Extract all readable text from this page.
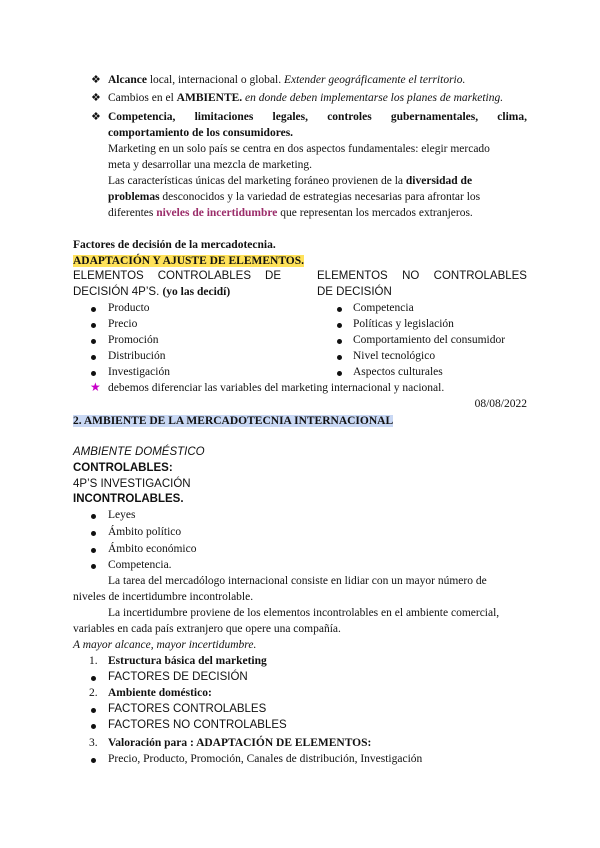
❖ Alcance local, internacional o global. Extender geográficamente el territorio.
❖ Cambios en el AMBIENTE. en donde deben implementarse los planes de marketing.
❖ Competencia, limitaciones legales, controles gubernamentales, clima,
comportamiento de los consumidores.
Marketing en un solo país se centra en dos aspectos fundamentales: elegir mercado
meta y desarrollar una mezcla de marketing.
Las características únicas del marketing foráneo provienen de la diversidad de
problemas desconocidos y la variedad de estrategias necesarias para afrontar los
diferentes niveles de incertidumbre que representan los mercados extranjeros.
Factores de decisión de la mercadotecnia.
ADAPTACIÓN Y AJUSTE DE ELEMENTOS.
ELEMENTOS CONTROLABLES DE
DECISIÓN 4P’S. (yo las decidí)
ELEMENTOS NO CONTROLABLES
DE DECISIÓN
Producto
Precio
Promoción
Distribución
Investigación
Competencia
Políticas y legislación
Comportamiento del consumidor
Nivel tecnológico
Aspectos culturales
★ debemos diferenciar las variables del marketing internacional y nacional.
08/08/2022
2. AMBIENTE DE LA MERCADOTECNIA INTERNACIONAL
AMBIENTE DOMÉSTICO
CONTROLABLES:
4P’S INVESTIGACIÓN
INCONTROLABLES.
Leyes
Ámbito político
Ámbito económico
Competencia.
La tarea del mercadólogo internacional consiste en lidiar con un mayor número de
niveles de incertidumbre incontrolable.
La incertidumbre proviene de los elementos incontrolables en el ambiente comercial,
variables en cada país extranjero que opere una compañía.
A mayor alcance, mayor incertidumbre.
1. Estructura básica del marketing
FACTORES DE DECISIÓN
2. Ambiente doméstico:
FACTORES CONTROLABLES
FACTORES NO CONTROLABLES
3. Valoración para : ADAPTACIÓN DE ELEMENTOS:
Precio, Producto, Promoción, Canales de distribución, Investigación
